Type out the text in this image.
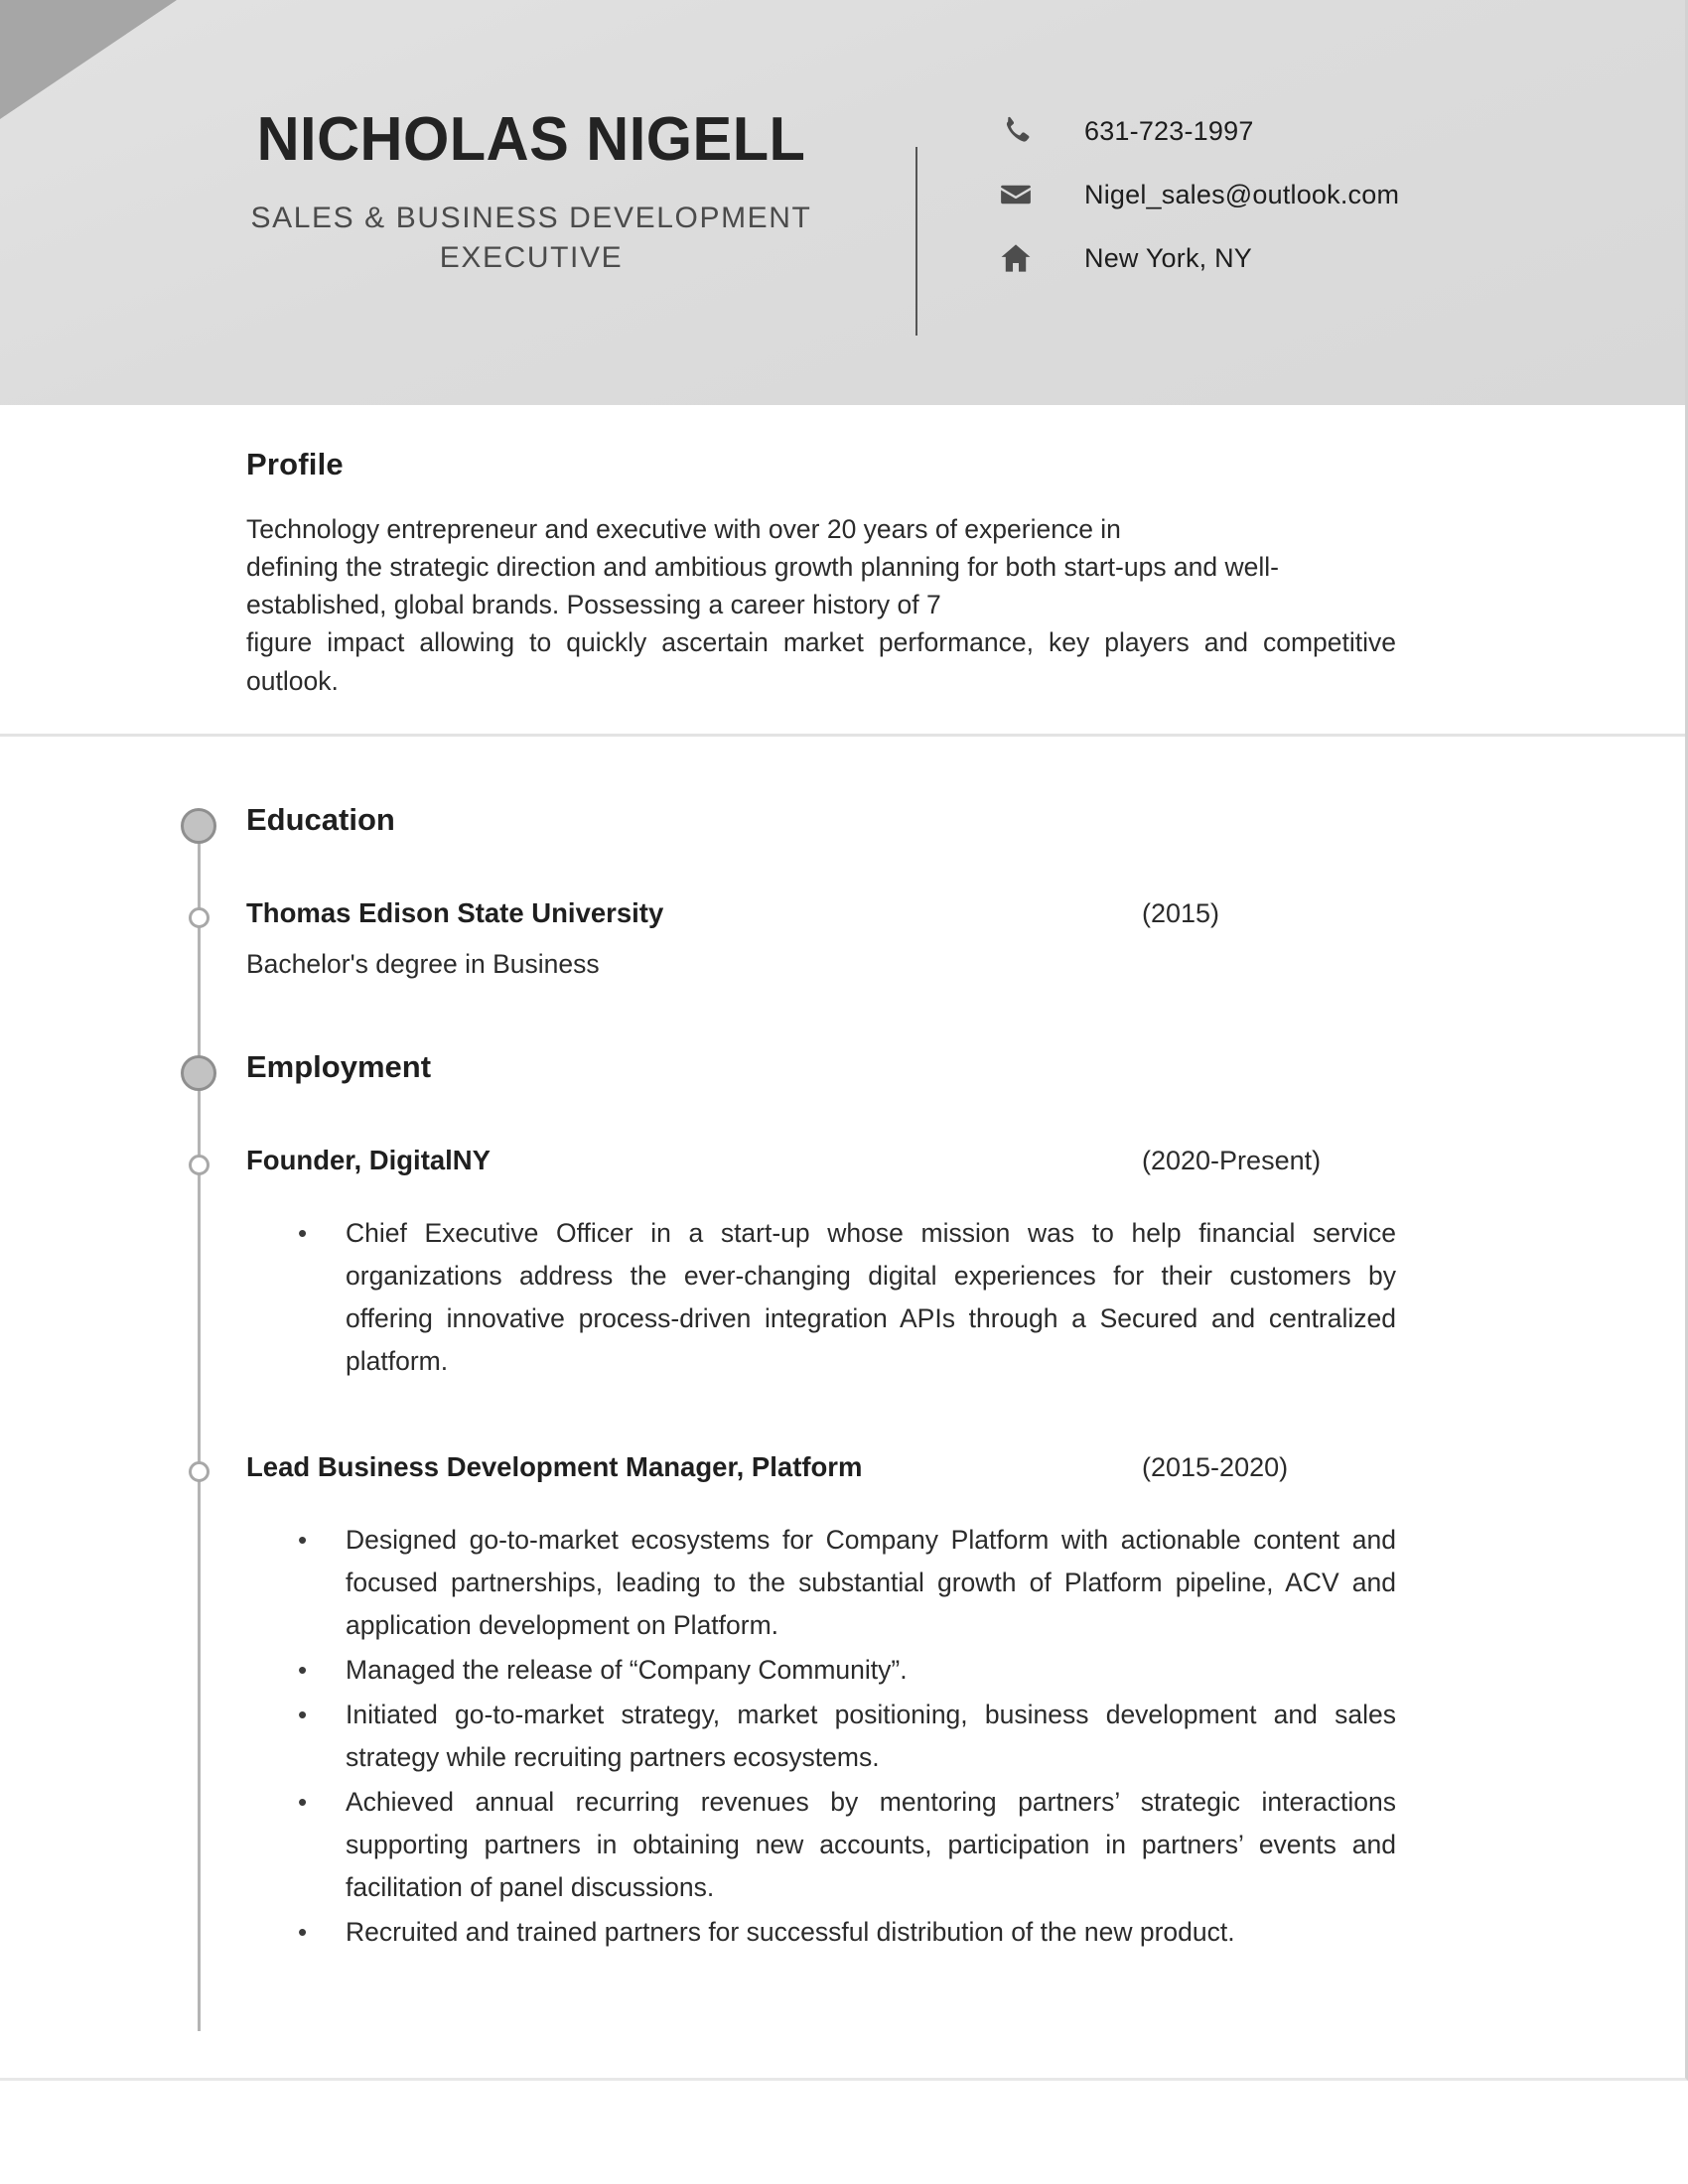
NICHOLAS NIGELL
SALES & BUSINESS DEVELOPMENT
EXECUTIVE
631-723-1997
Nigel_sales@outlook.com
New York, NY
Profile
Technology entrepreneur and executive with over 20 years of experience in
defining the strategic direction and ambitious growth planning for both start-ups and well-established, global brands. Possessing a career history of 7
figure impact allowing to quickly ascertain market performance, key players and competitive outlook.
Education
Thomas Edison State University	(2015)
Bachelor's degree in Business
Employment
Founder, DigitalNY	(2020-Present)
• Chief Executive Officer in a start-up whose mission was to help financial service organizations address the ever-changing digital experiences for their customers by offering innovative process-driven integration APIs through a Secured and centralized platform.
Lead Business Development Manager, Platform	(2015-2020)
• Designed go-to-market ecosystems for Company Platform with actionable content and focused partnerships, leading to the substantial growth of Platform pipeline, ACV and application development on Platform.
• Managed the release of “Company Community”.
• Initiated go-to-market strategy, market positioning, business development and sales strategy while recruiting partners ecosystems.
• Achieved annual recurring revenues by mentoring partners’ strategic interactions supporting partners in obtaining new accounts, participation in partners’ events and facilitation of panel discussions.
• Recruited and trained partners for successful distribution of the new product.
